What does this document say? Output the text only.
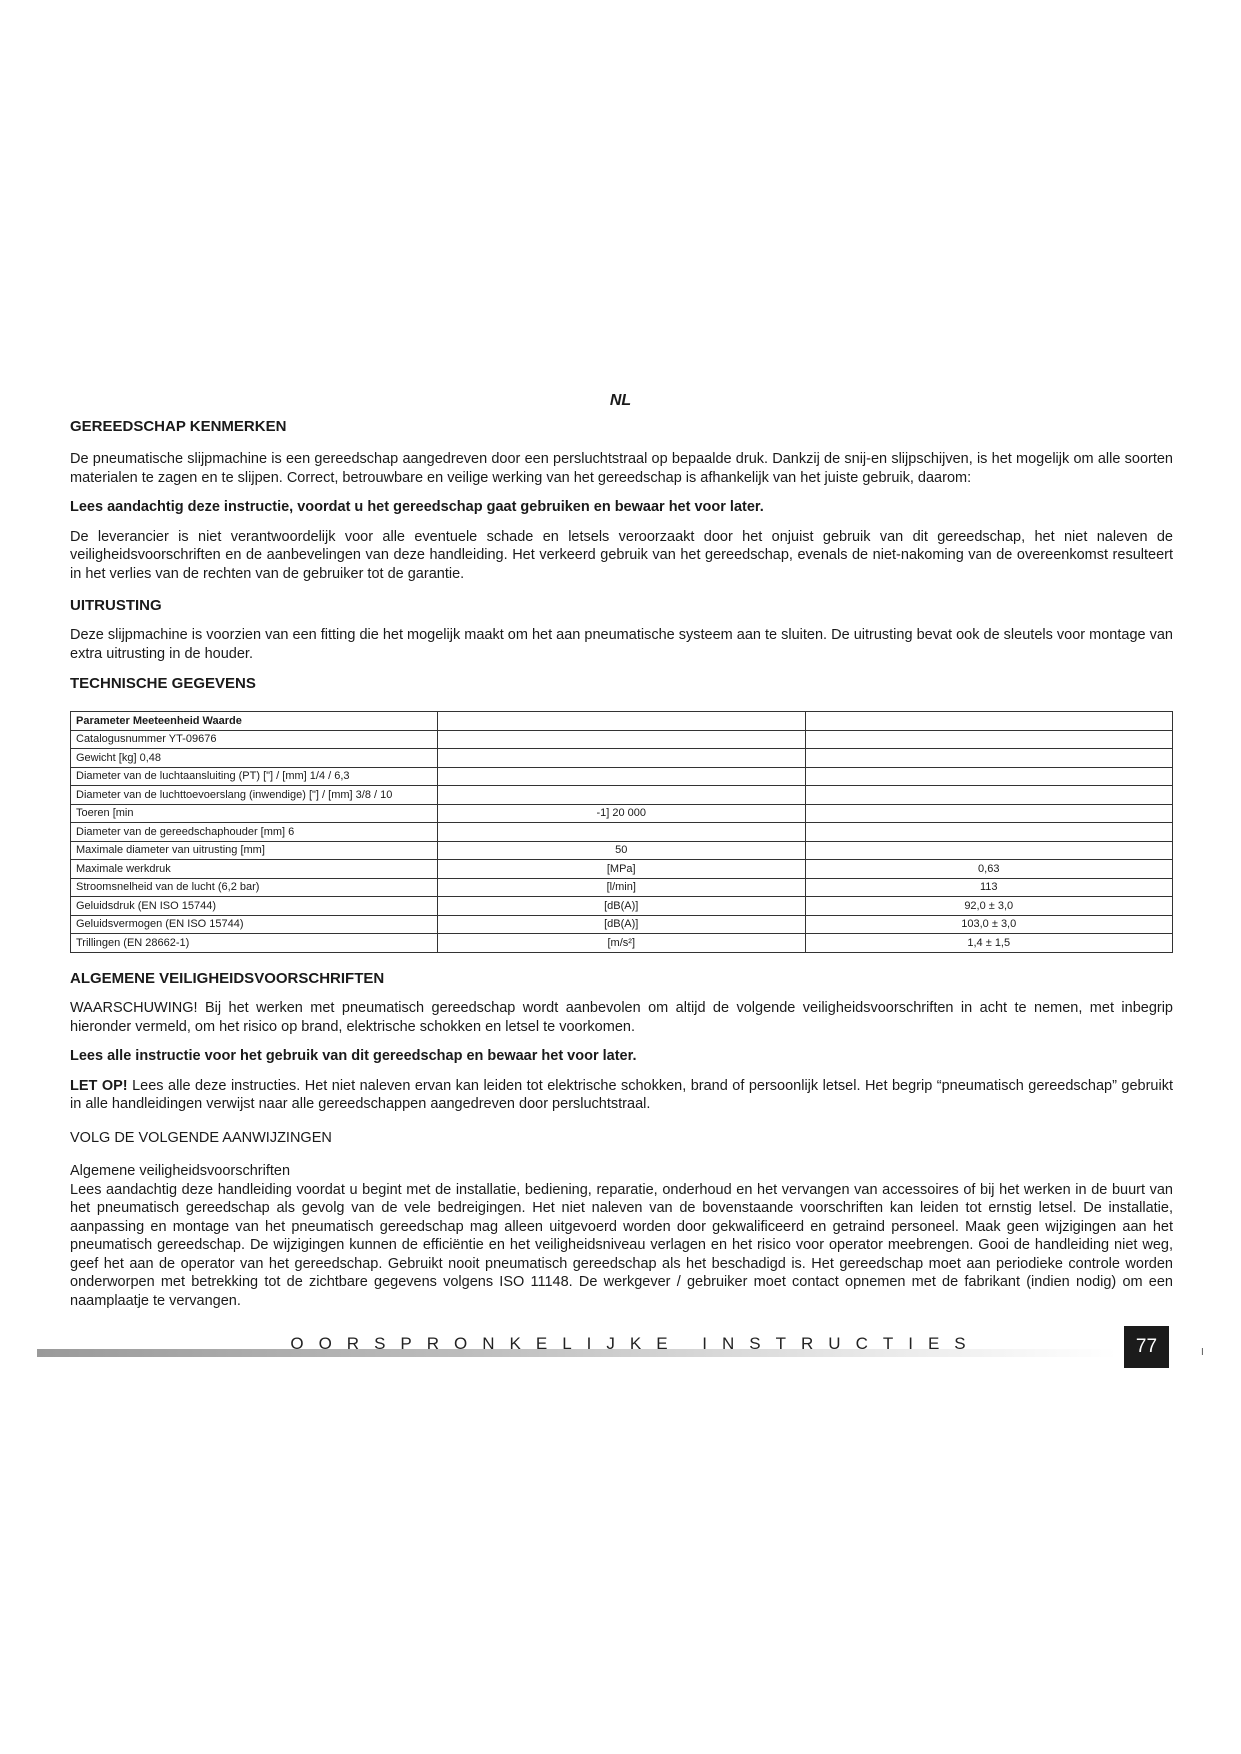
NL
GEREEDSCHAP KENMERKEN

De pneumatische slijpmachine is een gereedschap aangedreven door een persluchtstraal op bepaalde druk. Dankzij de snij-en slijpschijven, is het mogelijk om alle soorten materialen te zagen en te slijpen. Correct, betrouwbare en veilige werking van het gereedschap is afhankelijk van het juiste gebruik, daarom:

Lees aandachtig deze instructie, voordat u het gereedschap gaat gebruiken en bewaar het voor later.

De leverancier is niet verantwoordelijk voor alle eventuele schade en letsels veroorzaakt door het onjuist gebruik van dit gereedschap, het niet naleven de veiligheidsvoorschriften en de aanbevelingen van deze handleiding. Het verkeerd gebruik van het gereedschap, evenals de niet-nakoming van de overeenkomst resulteert in het verlies van de rechten van de gebruiker tot de garantie.

UITRUSTING

Deze slijpmachine is voorzien van een fitting die het mogelijk maakt om het aan pneumatische systeem aan te sluiten. De uitrusting bevat ook de sleutels voor montage van extra uitrusting in de houder.

TECHNISCHE GEGEVENS
Parameter Meeteenheid Waarde		
Catalogusnummer YT-09676		
Gewicht [kg] 0,48		
Diameter van de luchtaansluiting (PT) ["] / [mm] 1/4 / 6,3		
Diameter van de luchttoevoerslang (inwendige) ["] / [mm] 3/8 / 10		
Toeren [min	-1] 20 000	
Diameter van de gereedschaphouder [mm] 6		
Maximale diameter van uitrusting [mm]	50	
Maximale werkdruk	[MPa]	0,63
Stroomsnelheid van de lucht (6,2 bar)	[l/min]	113
Geluidsdruk (EN ISO 15744)	[dB(A)]	92,0 ± 3,0
Geluidsvermogen (EN ISO 15744)	[dB(A)]	103,0 ± 3,0
Trillingen (EN 28662-1)	[m/s²]	1,4 ± 1,5
ALGEMENE VEILIGHEIDSVOORSCHRIFTEN

WAARSCHUWING! Bij het werken met pneumatisch gereedschap wordt aanbevolen om altijd de volgende veiligheidsvoorschriften in acht te nemen, met inbegrip hieronder vermeld, om het risico op brand, elektrische schokken en letsel te voorkomen.

Lees alle instructie voor het gebruik van dit gereedschap en bewaar het voor later.

LET OP! Lees alle deze instructies. Het niet naleven ervan kan leiden tot elektrische schokken, brand of persoonlijk letsel. Het begrip “pneumatisch gereedschap” gebruikt in alle handleidingen verwijst naar alle gereedschappen aangedreven door persluchtstraal.

VOLG DE VOLGENDE AANWIJZINGEN

Algemene veiligheidsvoorschriften

Lees aandachtig deze handleiding voordat u begint met de installatie, bediening, reparatie, onderhoud en het vervangen van accessoires of bij het werken in de buurt van het pneumatisch gereedschap als gevolg van de vele bedreigingen. Het niet naleven van de bovenstaande voorschriften kan leiden tot ernstig letsel. De installatie, aanpassing en montage van het pneumatisch gereedschap mag alleen uitgevoerd worden door gekwalificeerd en getraind personeel. Maak geen wijzigingen aan het pneumatisch gereedschap. De wijzigingen kunnen de efficiëntie en het veiligheidsniveau verlagen en het risico voor operator meebrengen. Gooi de handleiding niet weg, geef het aan de operator van het gereedschap. Gebruikt nooit pneumatisch gereedschap als het beschadigd is. Het gereedschap moet aan periodieke controle worden onderworpen met betrekking tot de zichtbare gegevens volgens ISO 11148. De werkgever / gebruiker moet contact opnemen met de fabrikant (indien nodig) om een naamplaatje te vervangen.

OORSPRONKELIJKE INSTRUCTIES	77	I
